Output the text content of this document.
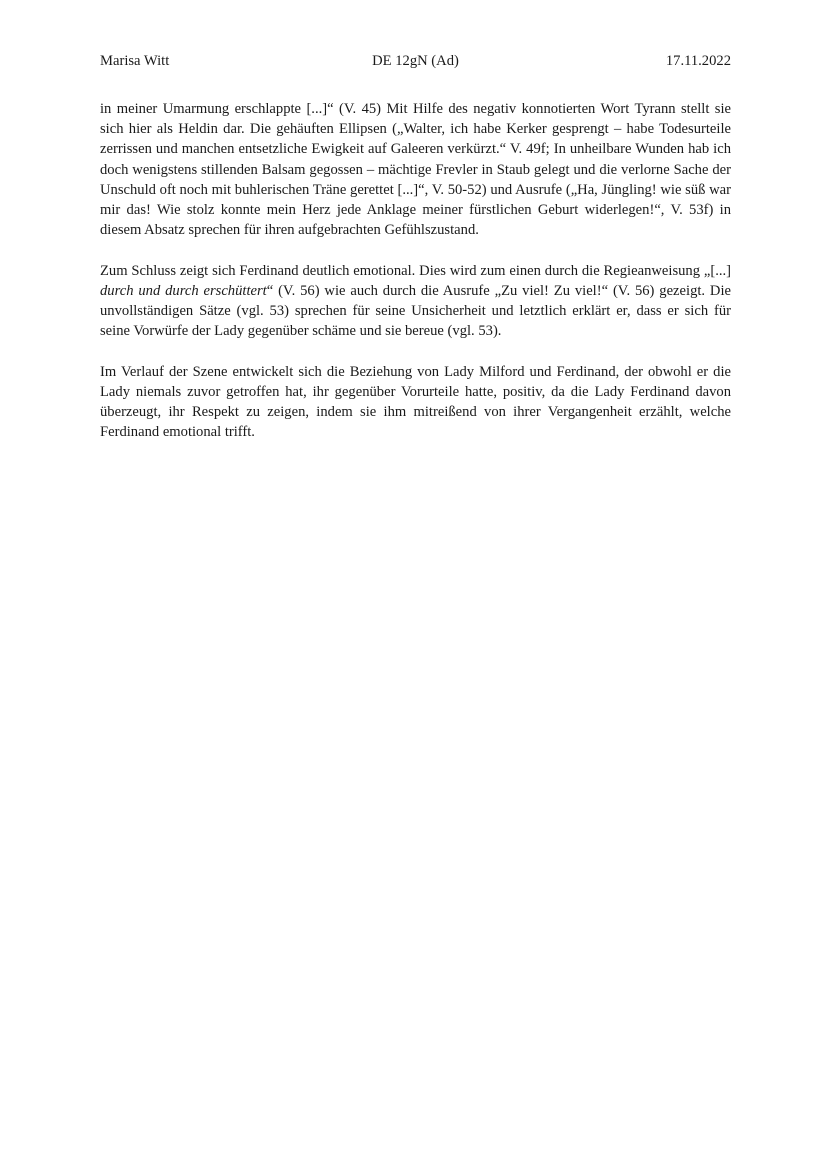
Marisa Witt	DE 12gN (Ad)	17.11.2022

in meiner Umarmung erschlappte [...]“ (V. 45) Mit Hilfe des negativ konnotierten Wort Tyrann stellt sie sich hier als Heldin dar. Die gehäuften Ellipsen („Walter, ich habe Kerker gesprengt – habe Todesurteile zerrissen und manchen entsetzliche Ewigkeit auf Galeeren verkürzt.“ V. 49f; In unheilbare Wunden hab ich doch wenigstens stillenden Balsam gegossen – mächtige Frevler in Staub gelegt und die verlorne Sache der Unschuld oft noch mit buhlerischen Träne gerettet [...]“, V. 50-52) und Ausrufe („Ha, Jüngling! wie süß war mir das! Wie stolz konnte mein Herz jede Anklage meiner fürstlichen Geburt widerlegen!“, V. 53f) in diesem Absatz sprechen für ihren aufgebrachten Gefühlszustand.

Zum Schluss zeigt sich Ferdinand deutlich emotional. Dies wird zum einen durch die Regieanweisung „[...] durch und durch erschüttert“ (V. 56) wie auch durch die Ausrufe „Zu viel! Zu viel!“ (V. 56) gezeigt. Die unvollständigen Sätze (vgl. 53) sprechen für seine Unsicherheit und letztlich erklärt er, dass er sich für seine Vorwürfe der Lady gegenüber schäme und sie bereue (vgl. 53).

Im Verlauf der Szene entwickelt sich die Beziehung von Lady Milford und Ferdinand, der obwohl er die Lady niemals zuvor getroffen hat, ihr gegenüber Vorurteile hatte, positiv, da die Lady Ferdinand davon überzeugt, ihr Respekt zu zeigen, indem sie ihm mitreißend von ihrer Vergangenheit erzählt, welche Ferdinand emotional trifft.
